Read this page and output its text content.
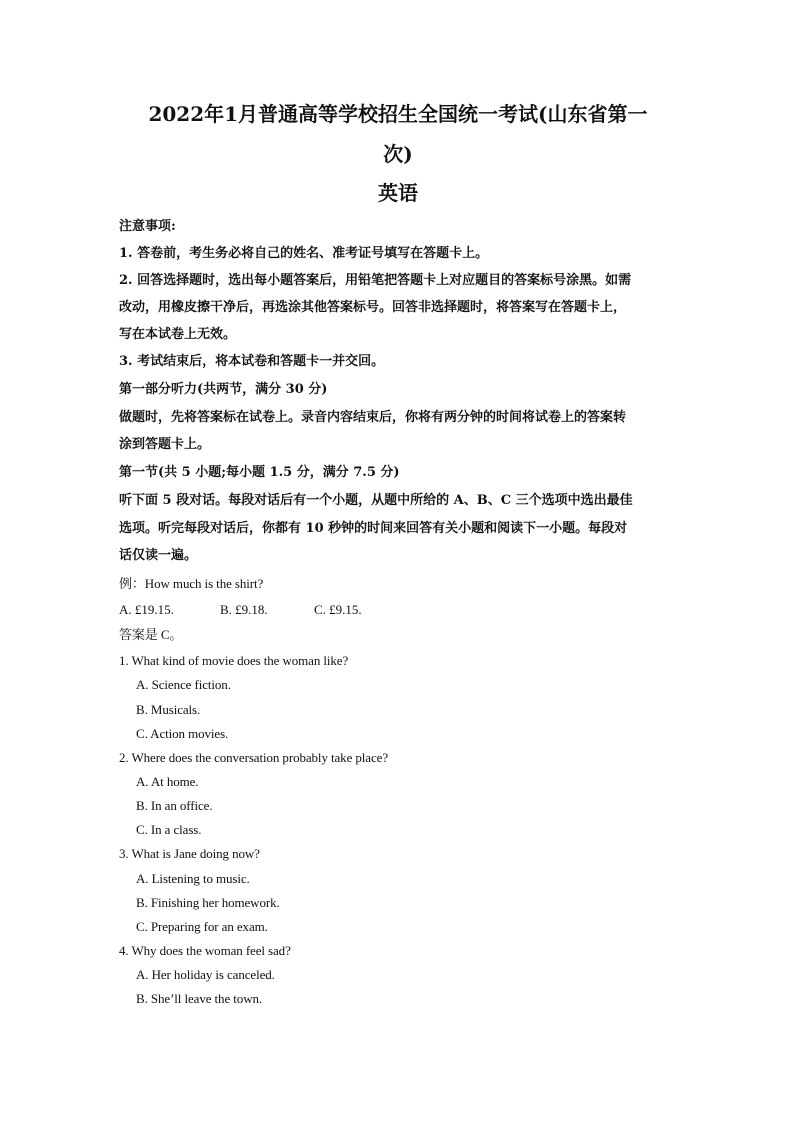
2022年1月普通高等学校招生全国统一考试(山东省第一
次)
英语

注意事项:

1. 答卷前，考生务必将自己的姓名、准考证号填写在答题卡上。

2. 回答选择题时，选出每小题答案后，用铅笔把答题卡上对应题目的答案标号涂黑。如需

改动，用橡皮擦干净后，再选涂其他答案标号。回答非选择题时，将答案写在答题卡上，

写在本试卷上无效。

3. 考试结束后，将本试卷和答题卡一并交回。

第一部分听力(共两节，满分 30 分)

做题时，先将答案标在试卷上。录音内容结束后，你将有两分钟的时间将试卷上的答案转

涂到答题卡上。

第一节(共 5 小题;每小题 1.5 分，满分 7.5 分)

听下面 5 段对话。每段对话后有一个小题，从题中所给的 A、B、C 三个选项中选出最佳

选项。听完每段对话后，你都有 10 秒钟的时间来回答有关小题和阅读下一小题。每段对

话仅读一遍。

例：How much is the shirt?

A. £19.15.	B. £9.18.	C. £9.15.

答案是 C。

1. What kind of movie does the woman like?

A. Science fiction.

B. Musicals.

C. Action movies.

2. Where does the conversation probably take place?

A. At home.

B. In an office.

C. In a class.

3. What is Jane doing now?

A. Listening to music.

B. Finishing her homework.

C. Preparing for an exam.

4. Why does the woman feel sad?

A. Her holiday is canceled.

B. She’ll leave the town.
